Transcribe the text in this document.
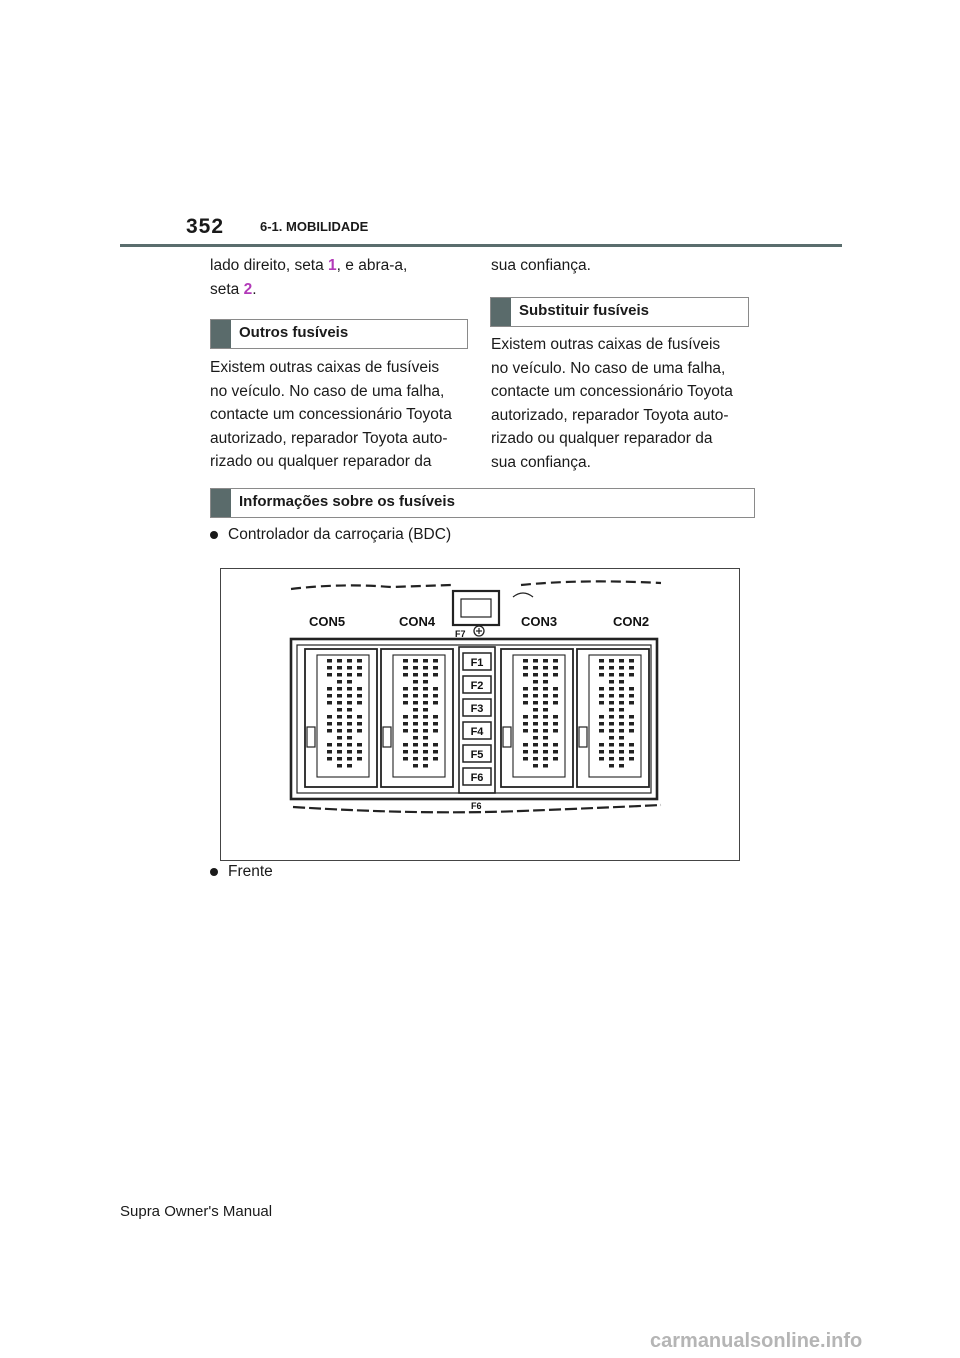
352	6-1. MOBILIDADE
lado direito, seta 1, e abra-a,
seta 2.
Outros fusíveis
Existem outras caixas de fusíveis
no veículo. No caso de uma falha,
contacte um concessionário Toyota
autorizado, reparador Toyota auto-
rizado ou qualquer reparador da
sua confiança.
Substituir fusíveis
Existem outras caixas de fusíveis
no veículo. No caso de uma falha,
contacte um concessionário Toyota
autorizado, reparador Toyota auto-
rizado ou qualquer reparador da
sua confiança.
Informações sobre os fusíveis
Controlador da carroçaria (BDC)
CON5	CON4	CON3	CON2
F7
F6
F1
F2
F3
F4
F5
F6
Frente
Supra Owner's Manual
carmanualsonline.info
